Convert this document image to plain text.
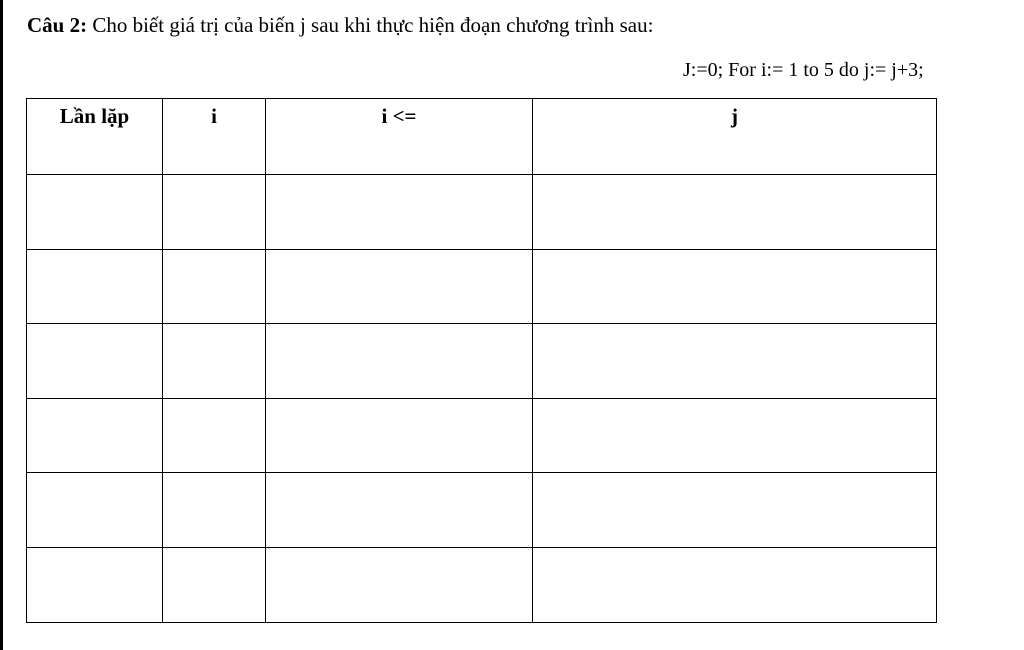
Câu 2: Cho biết giá trị của biến j sau khi thực hiện đoạn chương trình sau:
J:=0; For i:= 1 to 5 do j:= j+3;
Lần lặp	i	i <=	j
